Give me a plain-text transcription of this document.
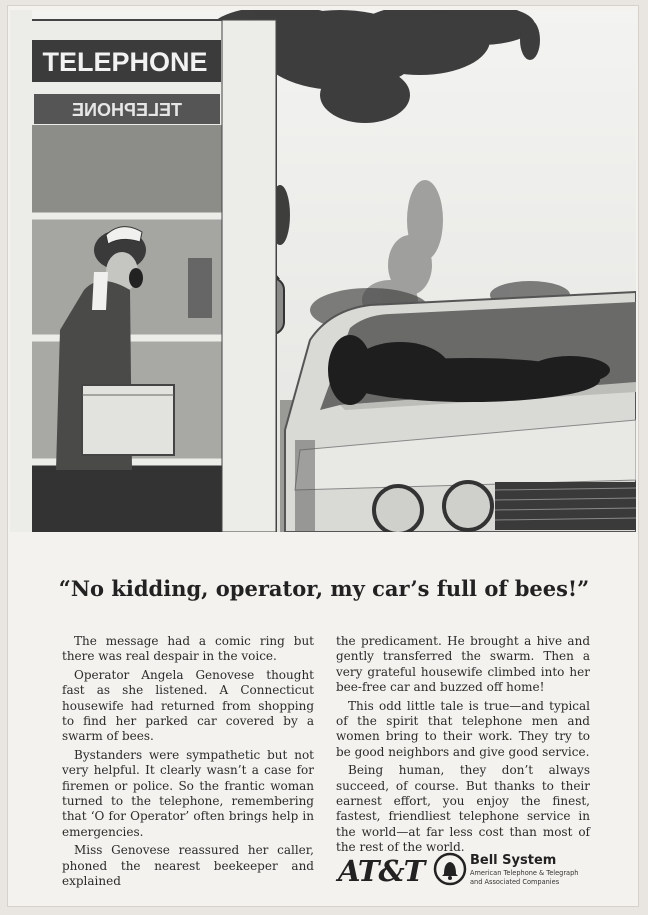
TELEPHONE
TELEPHONE
“No kidding, operator, my car’s full of bees!”

The message had a comic ring but there was real despair in the voice.

Operator Angela Genovese thought fast as she listened. A Connecticut housewife had returned from shopping to find her parked car covered by a swarm of bees.

Bystanders were sympathetic but not very helpful. It clearly wasn’t a case for firemen or police. So the frantic woman turned to the telephone, remembering that ‘O for Operator’ often brings help in emergencies.

Miss Genovese reassured her caller, phoned the nearest beekeeper and explained

the predicament. He brought a hive and gently transferred the swarm. Then a very grateful housewife climbed into her bee-free car and buzzed off home!

This odd little tale is true—and typical of the spirit that telephone men and women bring to their work. They try to be good neighbors and give good service.

Being human, they don’t always succeed, of course. But thanks to their earnest effort, you enjoy the finest, fastest, friendliest telephone service in the world—at far less cost than most of the rest of the world.

AT&T	Bell System
American Telephone & Telegraph
and Associated Companies
